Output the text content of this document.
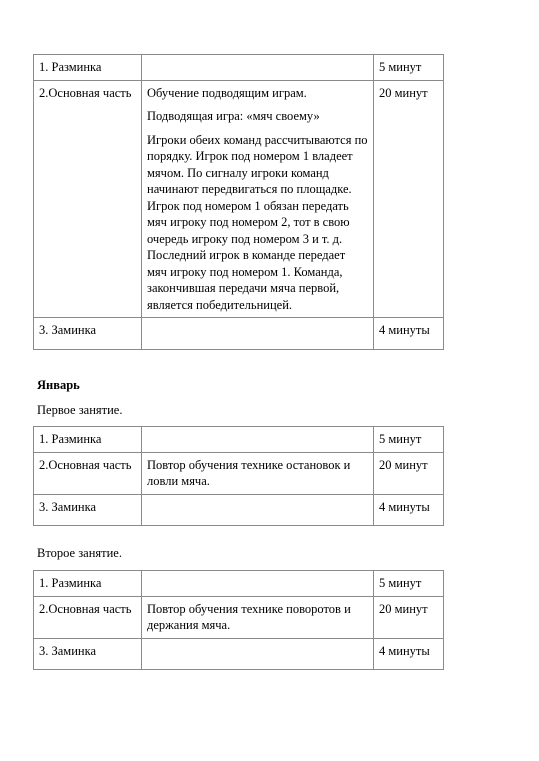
1. Разминка		5 минут
2.Основная часть	Обучение подводящим играм.

Подводящая игра: «мяч своему»

Игроки обеих команд рассчитываются по порядку. Игрок под номером 1 владеет мячом. По сигналу игроки команд начинают передвигаться по площадке. Игрок под номером 1 обязан передать мяч игроку под номером 2, тот в свою очередь игроку под номером 3 и т. д. Последний игрок в команде передает мяч игроку под номером 1. Команда, закончившая передачи мяча первой, является победительницей.	20 минут
3. Заминка		4 минуты
Январь
Первое занятие.
1. Разминка		5 минут
2.Основная часть	Повтор обучения технике остановок и ловли мяча.	20 минут
3. Заминка		4 минуты
Второе занятие.
1. Разминка		5 минут
2.Основная часть	Повтор обучения технике поворотов и держания мяча.	20 минут
3. Заминка		4 минуты
